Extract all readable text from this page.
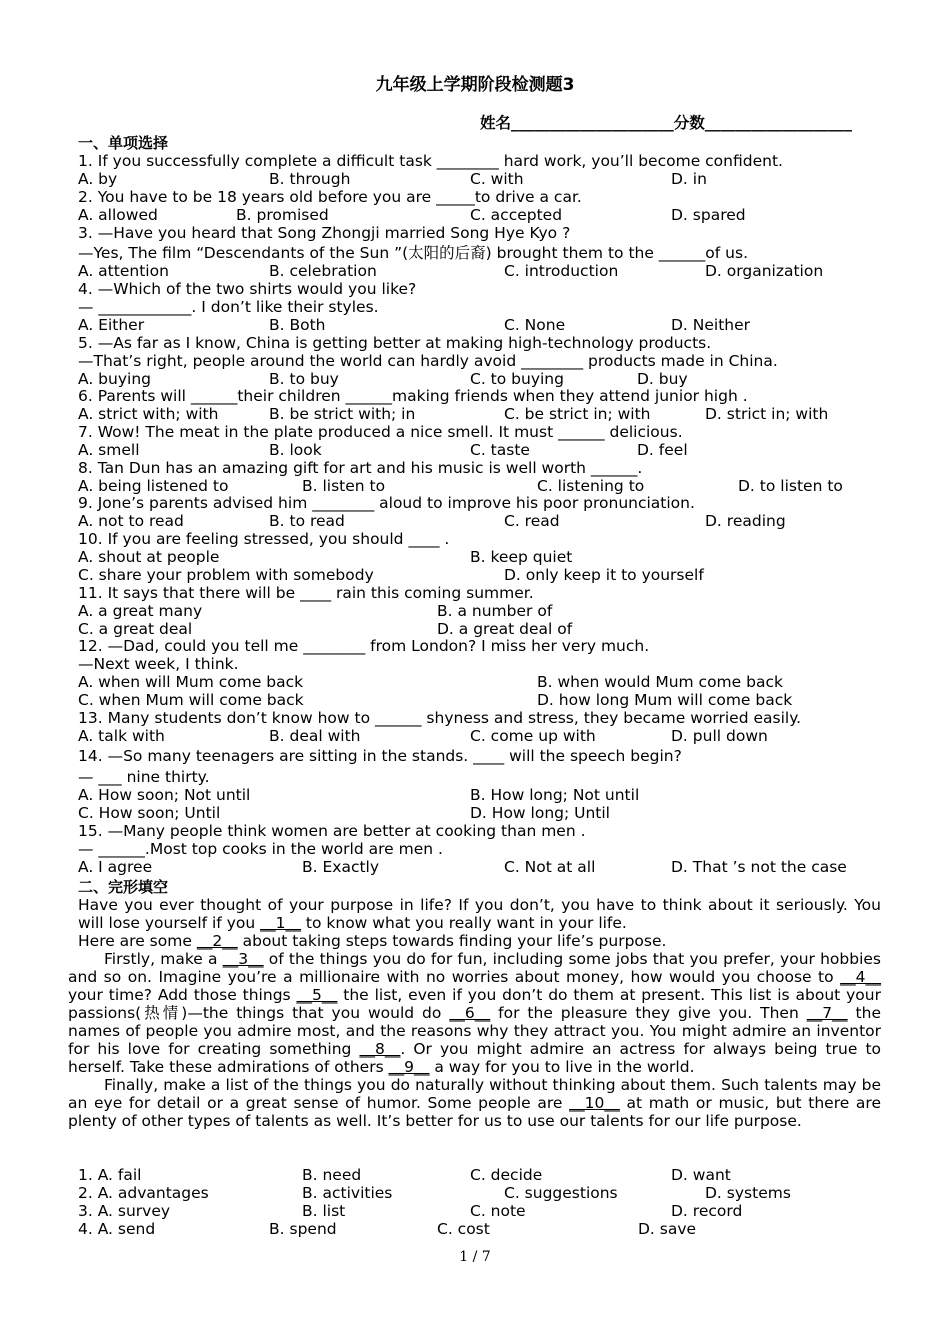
九年级上学期阶段检测题3
姓名_____________________分数___________________
一、单项选择
1. If you successfully complete a difficult task ________ hard work, you’ll become confident.
A. by	B. through	C. with	D. in
2. You have to be 18 years old before you are _____to drive a car.
A. allowed	B. promised	C. accepted	D. spared
3. —Have you heard that Song Zhongji married Song Hye Kyo ?
—Yes, The film “Descendants of the Sun ”(太阳的后裔) brought them to the ______of us.
A. attention	B. celebration	C. introduction	D. organization
4. —Which of the two shirts would you like?
— ____________. I don’t like their styles.
A. Either	B. Both	C. None	D. Neither
5. —As far as I know, China is getting better at making high-technology products.
—That’s right, people around the world can hardly avoid ________ products made in China.
A. buying	B. to buy	C. to buying	D. buy
6. Parents will ______their children ______making friends when they attend junior high .
A. strict with; with	B. be strict with; in	C. be strict in; with	D. strict in; with
7. Wow! The meat in the plate produced a nice smell. It must ______ delicious.
A. smell	B. look	C. taste	D. feel
8. Tan Dun has an amazing gift for art and his music is well worth ______.
A. being listened to	B. listen to	C. listening to	D. to listen to
9. Jone’s parents advised him ________ aloud to improve his poor pronunciation.
A. not to read	B. to read	C. read	D. reading
10. If you are feeling stressed, you should ____ .
A. shout at people	B. keep quiet
C. share your problem with somebody	D. only keep it to yourself
11. It says that there will be ____ rain this coming summer.
A. a great many	B. a number of
C. a great deal	D. a great deal of
12. —Dad, could you tell me ________ from London? I miss her very much.
—Next week, I think.
A. when will Mum come back	B. when would Mum come back
C. when Mum will come back	D. how long Mum will come back
13. Many students don’t know how to ______ shyness and stress, they became worried easily.
A. talk with	B. deal with	C. come up with	D. pull down
14. —So many teenagers are sitting in the stands. ____ will the speech begin?
— ___ nine thirty.
A. How soon; Not until	B. How long; Not until
C. How soon; Until	D. How long; Until
15. —Many people think women are better at cooking than men .
— ______.Most top cooks in the world are men .
A. I agree	B. Exactly	C. Not at all	D. That ’s not the case
二、完形填空

Have you ever thought of your purpose in life? If you don’t, you have to think about it seriously. You will lose yourself if you __1__ to know what you really want in your life.

Here are some __2__ about taking steps towards finding your life’s purpose.

Firstly, make a __3__ of the things you do for fun, including some jobs that you prefer, your hobbies and so on. Imagine you’re a millionaire with no worries about money, how would you choose to __4__ your time? Add those things __5__ the list, even if you don’t do them at present. This list is about your passions(热情)—the things that you would do __6__ for the pleasure they give you. Then __7__ the names of people you admire most, and the reasons why they attract you. You might admire an inventor for his love for creating something __8__. Or you might admire an actress for always being true to herself. Take these admirations of others __9__ a way for you to live in the world.

Finally, make a list of the things you do naturally without thinking about them. Such talents may be an eye for detail or a great sense of humor. Some people are __10__ at math or music, but there are plenty of other types of talents as well. It’s better for us to use our talents for our life purpose.

1. A. fail	B. need	C. decide	D. want
2. A. advantages	B. activities	C. suggestions	D. systems
3. A. survey	B. list	C. note	D. record
4. A. send	B. spend	C. cost	D. save
1 / 7
